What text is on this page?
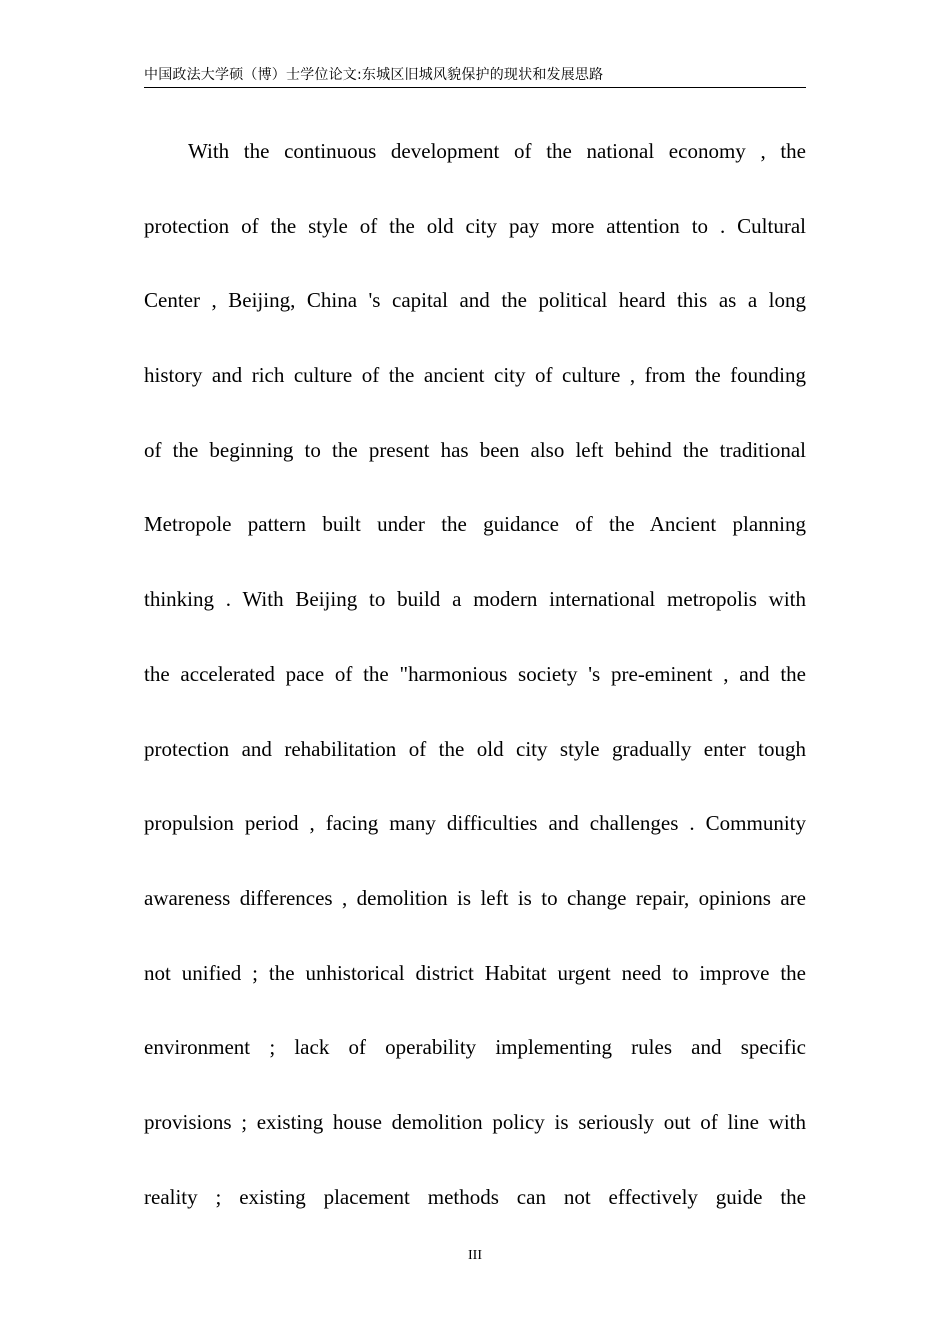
中国政法大学硕（博）士学位论文:东城区旧城风貌保护的现状和发展思路
With the continuous development of the national economy , the
protection of the style of the old city pay more attention to . Cultural
Center , Beijing, China 's capital and the political heard this as a long
history and rich culture of the ancient city of culture , from the founding
of the beginning to the present has been also left behind the traditional
Metropole pattern built under the guidance of the Ancient planning
thinking . With Beijing to build a modern international metropolis with
the accelerated pace of the "harmonious society 's pre-eminent , and the
protection and rehabilitation of the old city style gradually enter tough
propulsion period , facing many difficulties and challenges . Community
awareness differences , demolition is left is to change repair, opinions are
not unified ; the unhistorical district Habitat urgent need to improve the
environment ; lack of operability implementing rules and specific
provisions ; existing house demolition policy is seriously out of line with
reality ; existing placement methods can not effectively guide the
III
